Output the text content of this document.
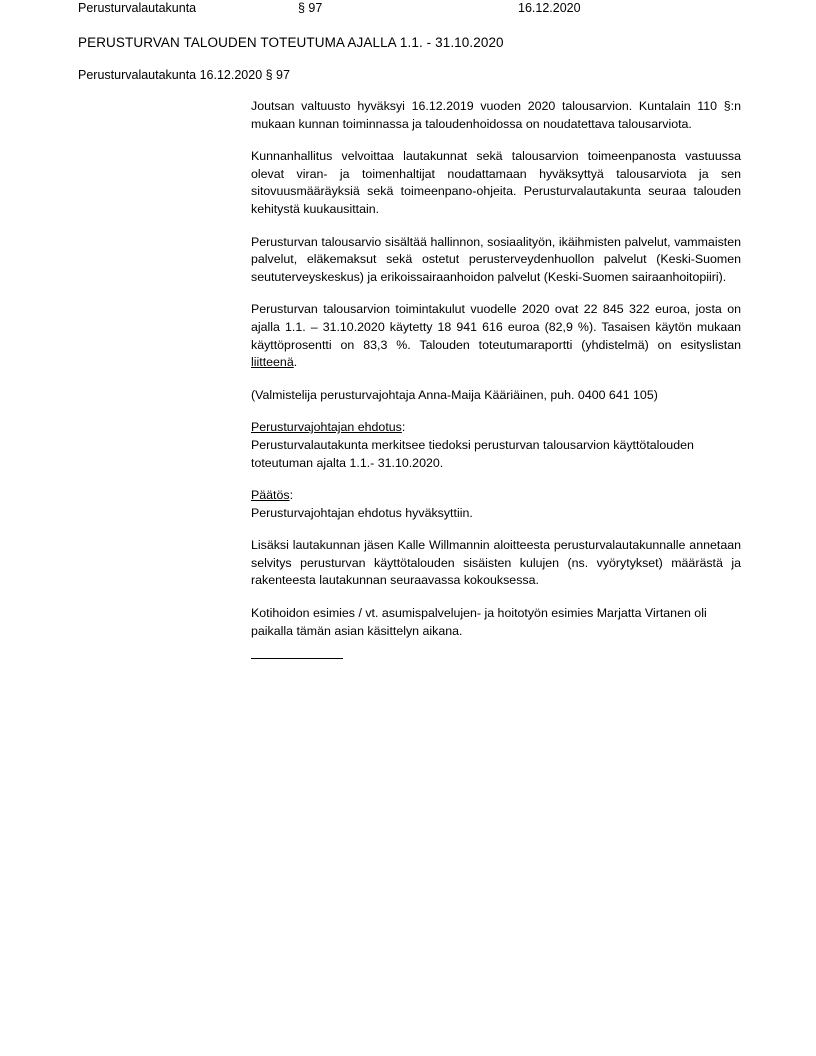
Perusturvalautakunta	§ 97	16.12.2020
PERUSTURVAN TALOUDEN TOTEUTUMA AJALLA 1.1. - 31.10.2020
Perusturvalautakunta 16.12.2020 § 97

Joutsan valtuusto hyväksyi 16.12.2019 vuoden 2020 talousarvion. Kuntalain 110 §:n mukaan kunnan toiminnassa ja taloudenhoidossa on noudatettava talousarviota.

Kunnanhallitus velvoittaa lautakunnat sekä talousarvion toimeenpanosta vastuussa olevat viran- ja toimenhaltijat noudattamaan hyväksyttyä talousarviota ja sen sitovuusmääräyksiä sekä toimeenpano-ohjeita. Perusturvalautakunta seuraa talouden kehitystä kuukausittain.

Perusturvan talousarvio sisältää hallinnon, sosiaalityön, ikäihmisten palvelut, vammaisten palvelut, eläkemaksut sekä ostetut perusterveydenhuollon palvelut (Keski-Suomen seututerveyskeskus) ja erikoissairaanhoidon palvelut (Keski-Suomen sairaanhoitopiiri).

Perusturvan talousarvion toimintakulut vuodelle 2020 ovat 22 845 322 euroa, josta on ajalla 1.1. – 31.10.2020 käytetty 18 941 616 euroa (82,9 %). Tasaisen käytön mukaan käyttöprosentti on 83,3 %. Talouden toteutumaraportti (yhdistelmä) on esityslistan liitteenä.

(Valmistelija perusturvajohtaja Anna-Maija Kääriäinen, puh. 0400 641 105)

Perusturvajohtajan ehdotus:
Perusturvalautakunta merkitsee tiedoksi perusturvan talousarvion käyttötalouden toteutuman ajalta 1.1.- 31.10.2020.

Päätös:
Perusturvajohtajan ehdotus hyväksyttiin.

Lisäksi lautakunnan jäsen Kalle Willmannin aloitteesta perusturvalautakunnalle annetaan selvitys perusturvan käyttötalouden sisäisten kulujen (ns. vyörytykset) määrästä ja rakenteesta lautakunnan seuraavassa kokouksessa.

Kotihoidon esimies / vt. asumispalvelujen- ja hoitotyön esimies Marjatta Virtanen oli paikalla tämän asian käsittelyn aikana.
